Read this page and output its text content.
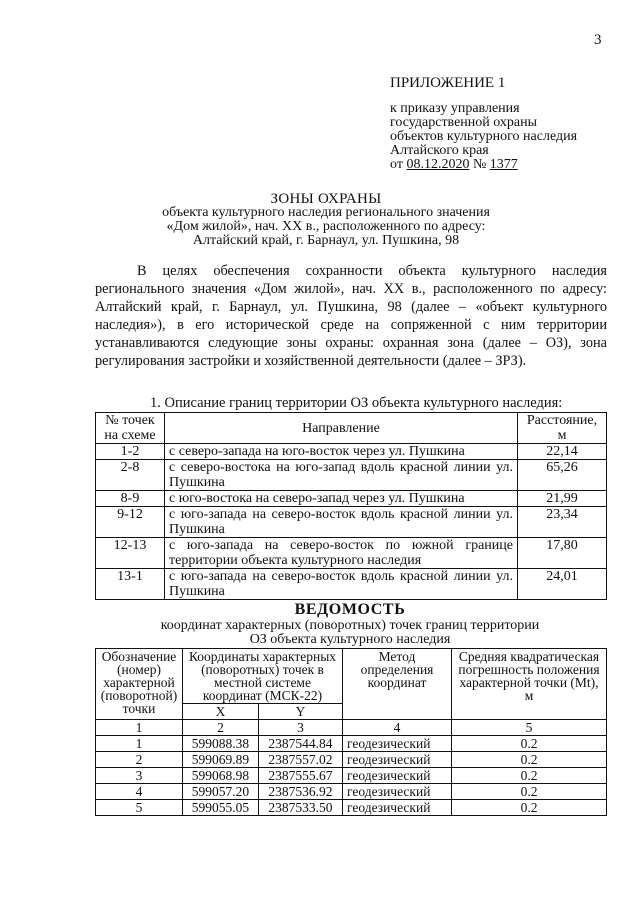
3
ПРИЛОЖЕНИЕ 1
к приказу управления
государственной охраны
объектов культурного наследия
Алтайского края
от 08.12.2020 № 1377
ЗОНЫ ОХРАНЫ
объекта культурного наследия регионального значения
«Дом жилой», нач. XX в., расположенного по адресу:
Алтайский край, г. Барнаул, ул. Пушкина, 98
В целях обеспечения сохранности объекта культурного наследия регионального значения «Дом жилой», нач. XX в., расположенного по адресу: Алтайский край, г. Барнаул, ул. Пушкина, 98 (далее – «объект культурного наследия»), в его исторической среде на сопряженной с ним территории устанавливаются следующие зоны охраны: охранная зона (далее – ОЗ), зона регулирования застройки и хозяйственной деятельности (далее – ЗРЗ).
1. Описание границ территории ОЗ объекта культурного наследия:
№ точек на схеме	Направление	Расстояние, м
1-2	с северо-запада на юго-восток через ул. Пушкина	22,14
2-8	с северо-востока на юго-запад вдоль красной линии ул. Пушкина	65,26
8-9	с юго-востока на северо-запад через ул. Пушкина	21,99
9-12	с юго-запада на северо-восток вдоль красной линии ул. Пушкина	23,34
12-13	с юго-запада на северо-восток по южной границе территории объекта культурного наследия	17,80
13-1	с юго-запада на северо-восток вдоль красной линии ул. Пушкина	24,01
ВЕДОМОСТЬ
координат характерных (поворотных) точек границ территории
ОЗ объекта культурного наследия
Обозначение (номер) характерной (поворотной) точки	Координаты характерных (поворотных) точек в местной системе координат (МСК-22)		Метод определения координат	Средняя квадратическая погрешность положения характерной точки (Mt), м
	X	Y		
1	2	3	4	5
1	599088.38	2387544.84	геодезический	0.2
2	599069.89	2387557.02	геодезический	0.2
3	599068.98	2387555.67	геодезический	0.2
4	599057.20	2387536.92	геодезический	0.2
5	599055.05	2387533.50	геодезический	0.2
